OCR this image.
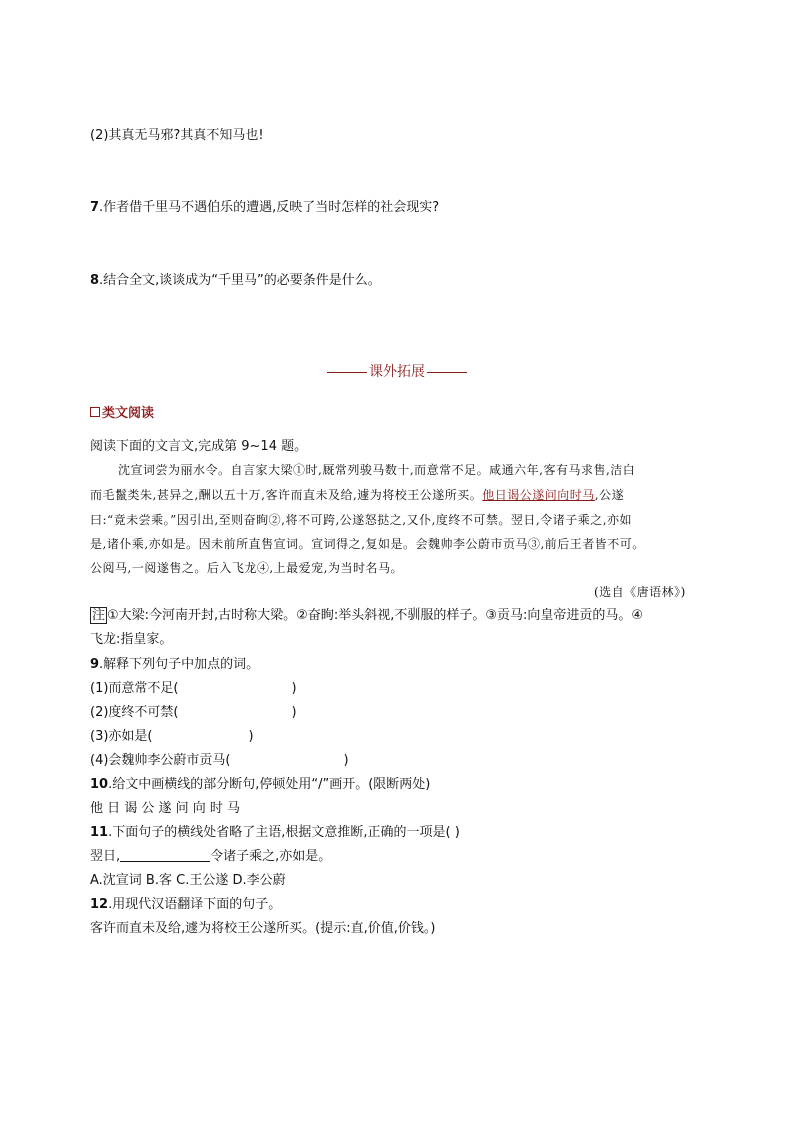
(2)其真无马邪?其真不知马也!
7.作者借千里马不遇伯乐的遭遇,反映了当时怎样的社会现实?
8.结合全文,谈谈成为“千里马”的必要条件是什么。
课外拓展
类文阅读
阅读下面的文言文,完成第 9~14 题。
沈宣词尝为丽水令。自言家大梁①时,厩常列骏马数十,而意常不足。咸通六年,客有马求售,洁白
而毛鬣类朱,甚异之,酬以五十万,客许而直未及给,遽为将校王公遂所买。他日谒公遂问向时马,公遂
曰:“竟未尝乘。”因引出,至则奋眴②,将不可跨,公遂怒挞之,又仆,度终不可禁。翌日,令诸子乘之,亦如
是,诸仆乘,亦如是。因未前所直售宣词。宣词得之,复如是。会魏帅李公蔚市贡马③,前后王者皆不可。
公阅马,一阅遂售之。后入飞龙④,上最爱宠,为当时名马。
(选自《唐语林》)
注 ①大梁:今河南开封,古时称大梁。②奋眴:举头斜视,不驯服的样子。③贡马:向皇帝进贡的马。④
飞龙:指皇家。
9.解释下列句子中加点的词。
(1)而意常不足(	)
(2)度终不可禁(	)
(3)亦如是(	)
(4)会魏帅李公蔚市贡马(	)
10.给文中画横线的部分断句,停顿处用“/”画开。(限断两处)
他 日 谒 公 遂 问 向 时 马
11.下面句子的横线处省略了主语,根据文意推断,正确的一项是( )
翌日,	令诸子乘之,亦如是。
A.沈宣词 B.客 C.王公遂 D.李公蔚
12.用现代汉语翻译下面的句子。
客许而直未及给,遽为将校王公遂所买。(提示:直,价值,价钱。)
